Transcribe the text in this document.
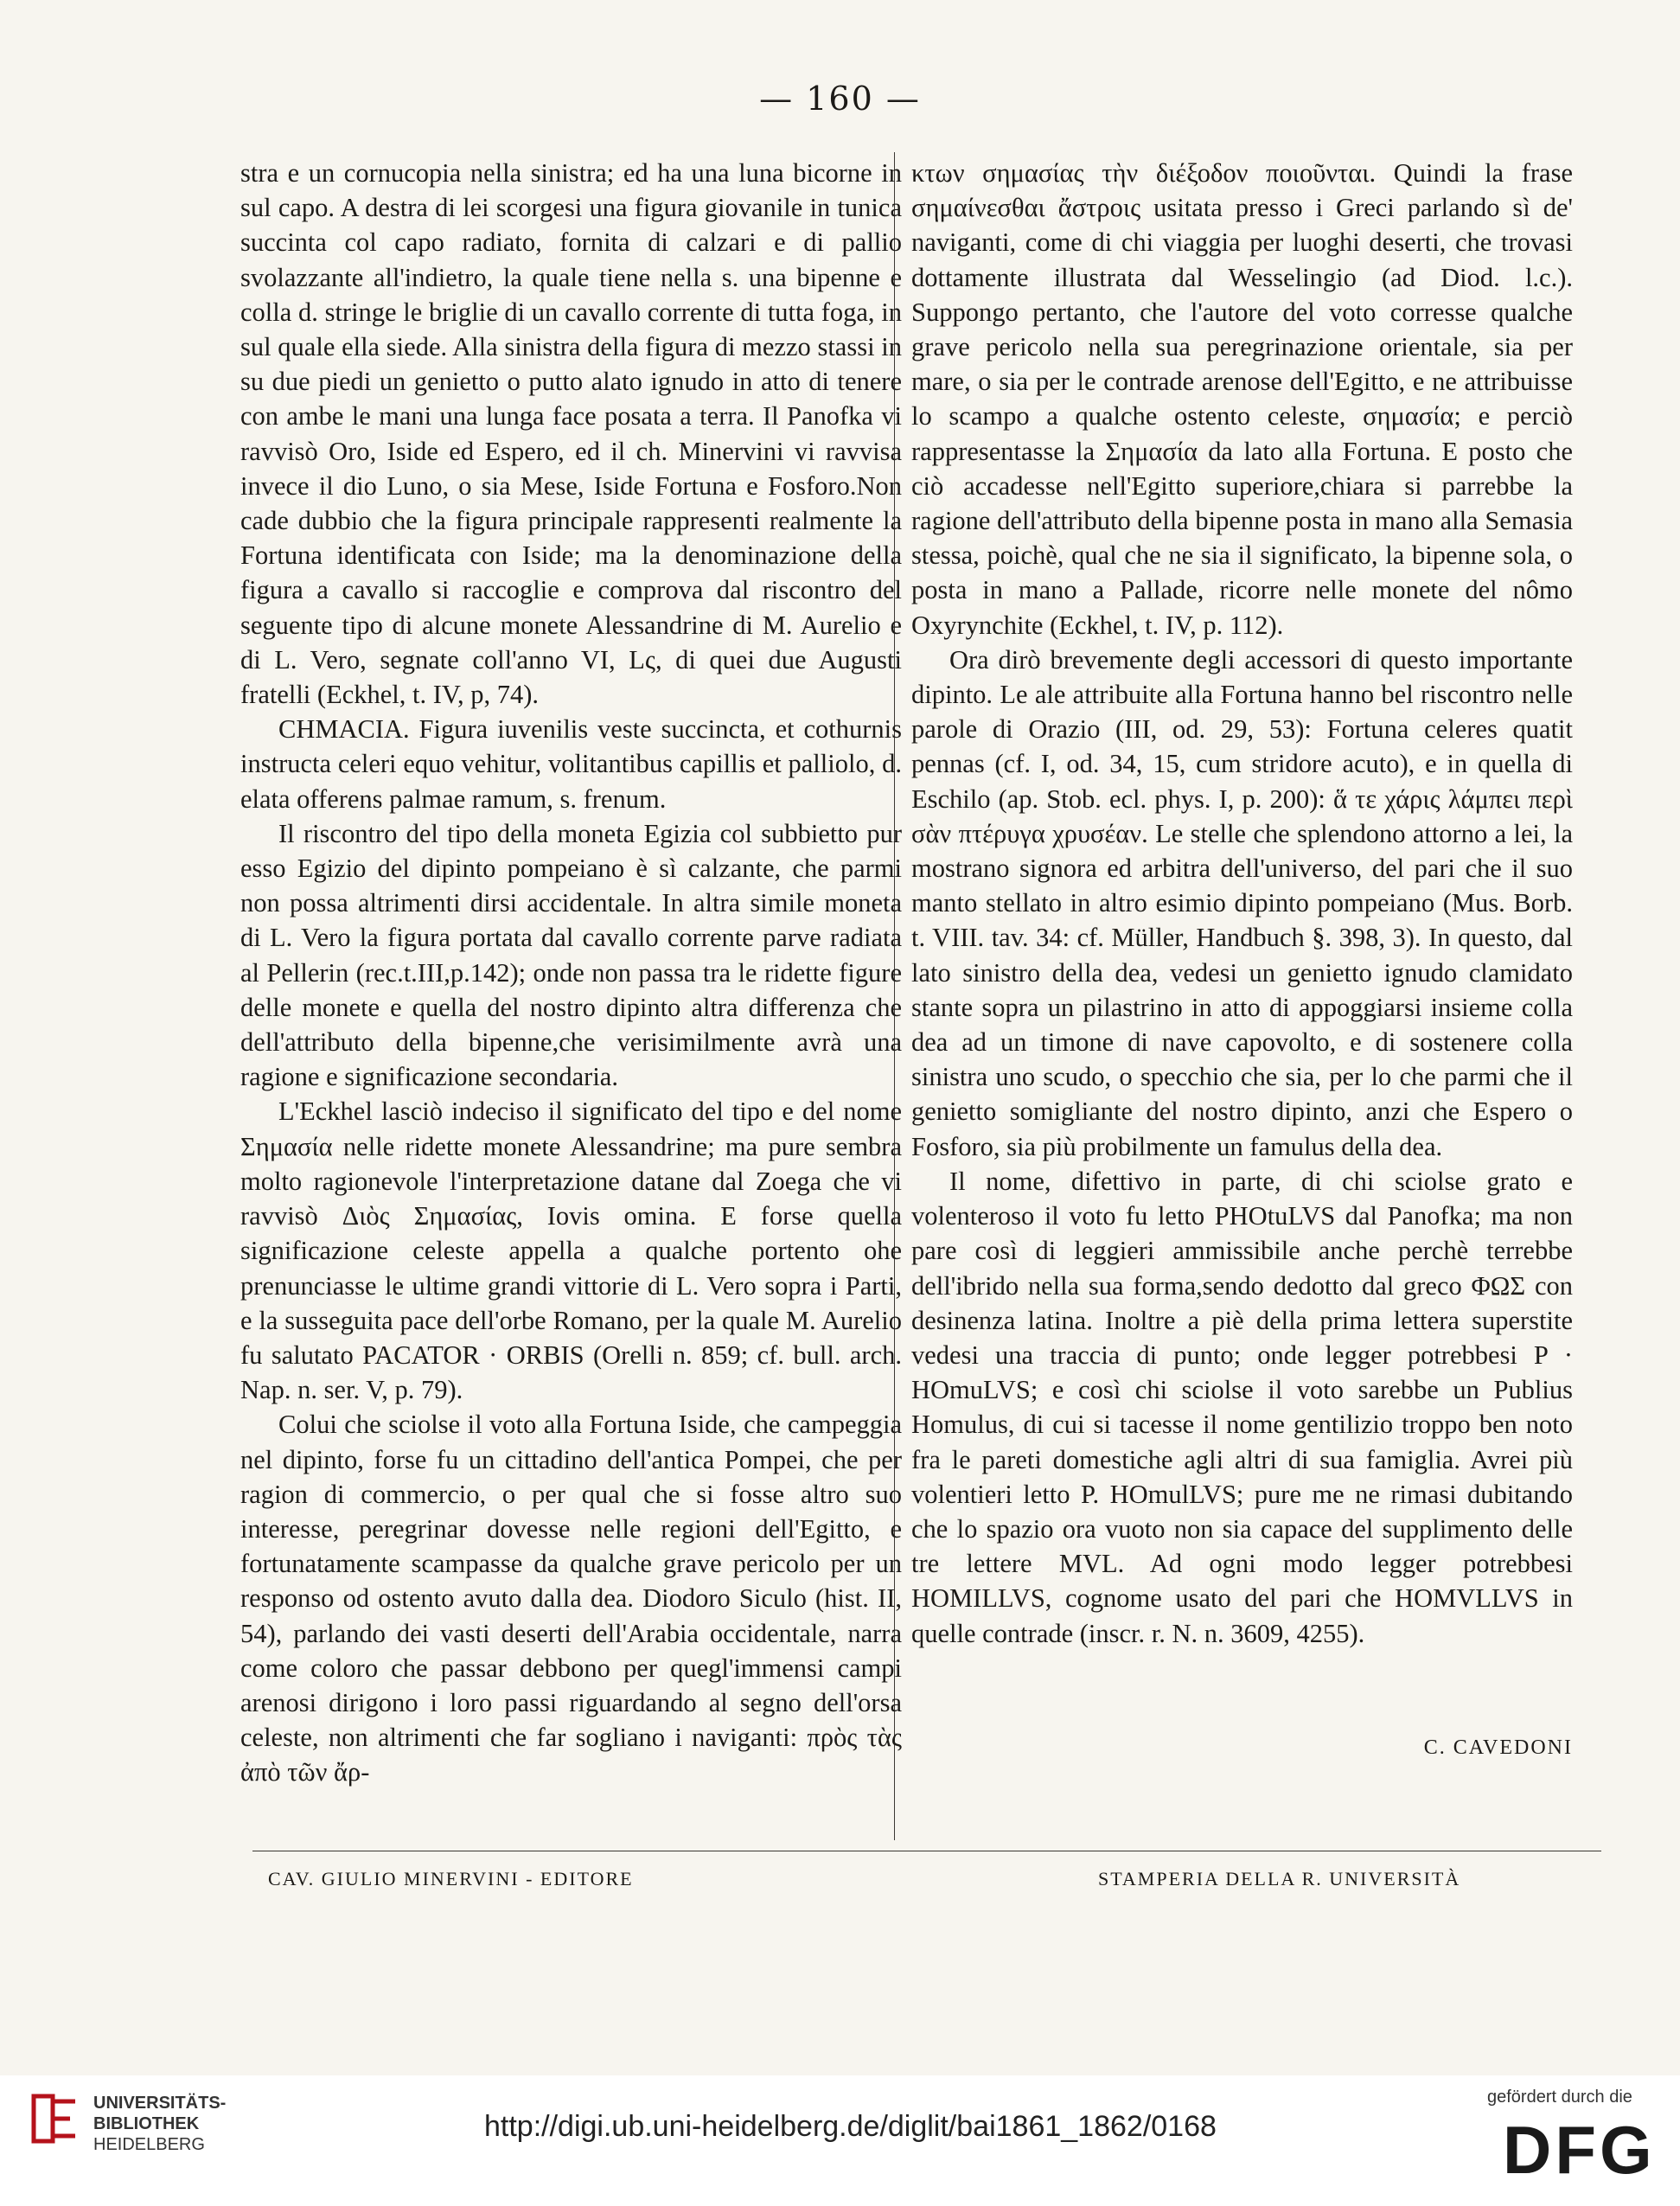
— 160 —

stra e un cornucopia nella sinistra; ed ha una luna bicorne in sul capo. A destra di lei scorgesi una figura giovanile in tunica succinta col capo radiato, fornita di calzari e di pallio svolazzante all'indietro, la quale tiene nella s. una bipenne e colla d. stringe le briglie di un cavallo corrente di tutta foga, in sul quale ella siede. Alla sinistra della figura di mezzo stassi in su due piedi un genietto o putto alato ignudo in atto di tenere con ambe le mani una lunga face posata a terra. Il Panofka vi ravvisò Oro, Iside ed Espero, ed il ch. Minervini vi ravvisa invece il dio Luno, o sia Mese, Iside Fortuna e Fosforo.Non cade dubbio che la figura principale rappresenti realmente la Fortuna identificata con Iside; ma la denominazione della figura a cavallo si raccoglie e comprova dal riscontro del seguente tipo di alcune monete Alessandrine di M. Aurelio e di L. Vero, segnate coll'anno VI, Lς, di quei due Augusti fratelli (Eckhel, t. IV, p, 74).

CHMACIA. Figura iuvenilis veste succincta, et cothurnis instructa celeri equo vehitur, volitantibus capillis et palliolo, d. elata offerens palmae ramum, s. frenum.

Il riscontro del tipo della moneta Egizia col subbietto pur esso Egizio del dipinto pompeiano è sì calzante, che parmi non possa altrimenti dirsi accidentale. In altra simile moneta di L. Vero la figura portata dal cavallo corrente parve radiata al Pellerin (rec.t.III,p.142); onde non passa tra le ridette figure delle monete e quella del nostro dipinto altra differenza che dell'attributo della bipenne,che verisimilmente avrà una ragione e significazione secondaria.

L'Eckhel lasciò indeciso il significato del tipo e del nome Σημασία nelle ridette monete Alessandrine; ma pure sembra molto ragionevole l'interpretazione datane dal Zoega che vi ravvisò Διὸς Σημασίας, Iovis omina. E forse quella significazione celeste appella a qualche portento ohe prenunciasse le ultime grandi vittorie di L. Vero sopra i Parti, e la susseguita pace dell'orbe Romano, per la quale M. Aurelio fu salutato PACATOR · ORBIS (Orelli n. 859; cf. bull. arch. Nap. n. ser. V, p. 79).

Colui che sciolse il voto alla Fortuna Iside, che campeggia nel dipinto, forse fu un cittadino dell'antica Pompei, che per ragion di commercio, o per qual che si fosse altro suo interesse, peregrinar dovesse nelle regioni dell'Egitto, e fortunatamente scampasse da qualche grave pericolo per un responso od ostento avuto dalla dea. Diodoro Siculo (hist. II, 54), parlando dei vasti deserti dell'Arabia occidentale, narra come coloro che passar debbono per quegl'immensi campi arenosi dirigono i loro passi riguardando al segno dell'orsa celeste, non altrimenti che far sogliano i naviganti: πρὸς τὰς ἀπὸ τῶν ἄρ-

κτων σημασίας τὴν διέξοδον ποιοῦνται. Quindi la frase σημαίνεσθαι ἄστροις usitata presso i Greci parlando sì de' naviganti, come di chi viaggia per luoghi deserti, che trovasi dottamente illustrata dal Wesselingio (ad Diod. l.c.). Suppongo pertanto, che l'autore del voto corresse qualche grave pericolo nella sua peregrinazione orientale, sia per mare, o sia per le contrade arenose dell'Egitto, e ne attribuisse lo scampo a qualche ostento celeste, σημασία; e perciò rappresentasse la Σημασία da lato alla Fortuna. E posto che ciò accadesse nell'Egitto superiore,chiara si parrebbe la ragione dell'attributo della bipenne posta in mano alla Semasia stessa, poichè, qual che ne sia il significato, la bipenne sola, o posta in mano a Pallade, ricorre nelle monete del nômo Oxyrynchite (Eckhel, t. IV, p. 112).

Ora dirò brevemente degli accessori di questo importante dipinto. Le ale attribuite alla Fortuna hanno bel riscontro nelle parole di Orazio (III, od. 29, 53): Fortuna celeres quatit pennas (cf. I, od. 34, 15, cum stridore acuto), e in quella di Eschilo (ap. Stob. ecl. phys. I, p. 200): ἅ τε χάρις λάμπει περὶ σὰν πτέρυγα χρυσέαν. Le stelle che splendono attorno a lei, la mostrano signora ed arbitra dell'universo, del pari che il suo manto stellato in altro esimio dipinto pompeiano (Mus. Borb. t. VIII. tav. 34: cf. Müller, Handbuch §. 398, 3). In questo, dal lato sinistro della dea, vedesi un genietto ignudo clamidato stante sopra un pilastrino in atto di appoggiarsi insieme colla dea ad un timone di nave capovolto, e di sostenere colla sinistra uno scudo, o specchio che sia, per lo che parmi che il genietto somigliante del nostro dipinto, anzi che Espero o Fosforo, sia più probilmente un famulus della dea.

Il nome, difettivo in parte, di chi sciolse grato e volenteroso il voto fu letto PHOtuLVS dal Panofka; ma non pare così di leggieri ammissibile anche perchè terrebbe dell'ibrido nella sua forma,sendo dedotto dal greco ΦΩΣ con desinenza latina. Inoltre a piè della prima lettera superstite vedesi una traccia di punto; onde legger potrebbesi P · HOmuLVS; e così chi sciolse il voto sarebbe un Publius Homulus, di cui si tacesse il nome gentilizio troppo ben noto fra le pareti domestiche agli altri di sua famiglia. Avrei più volentieri letto P. HOmulLVS; pure me ne rimasi dubitando che lo spazio ora vuoto non sia capace del supplimento delle tre lettere MVL. Ad ogni modo legger potrebbesi HOMILLVS, cognome usato del pari che HOMVLLVS in quelle contrade (inscr. r. N. n. 3609, 4255).

C. CAVEDONI
CAV. GIULIO MINERVINI - EDITORE	STAMPERIA DELLA R. UNIVERSITÀ
UNIVERSITÄTS-
BIBLIOTHEK
HEIDELBERG
http://digi.ub.uni-heidelberg.de/diglit/bai1861_1862/0168
gefördert durch die
DFG
